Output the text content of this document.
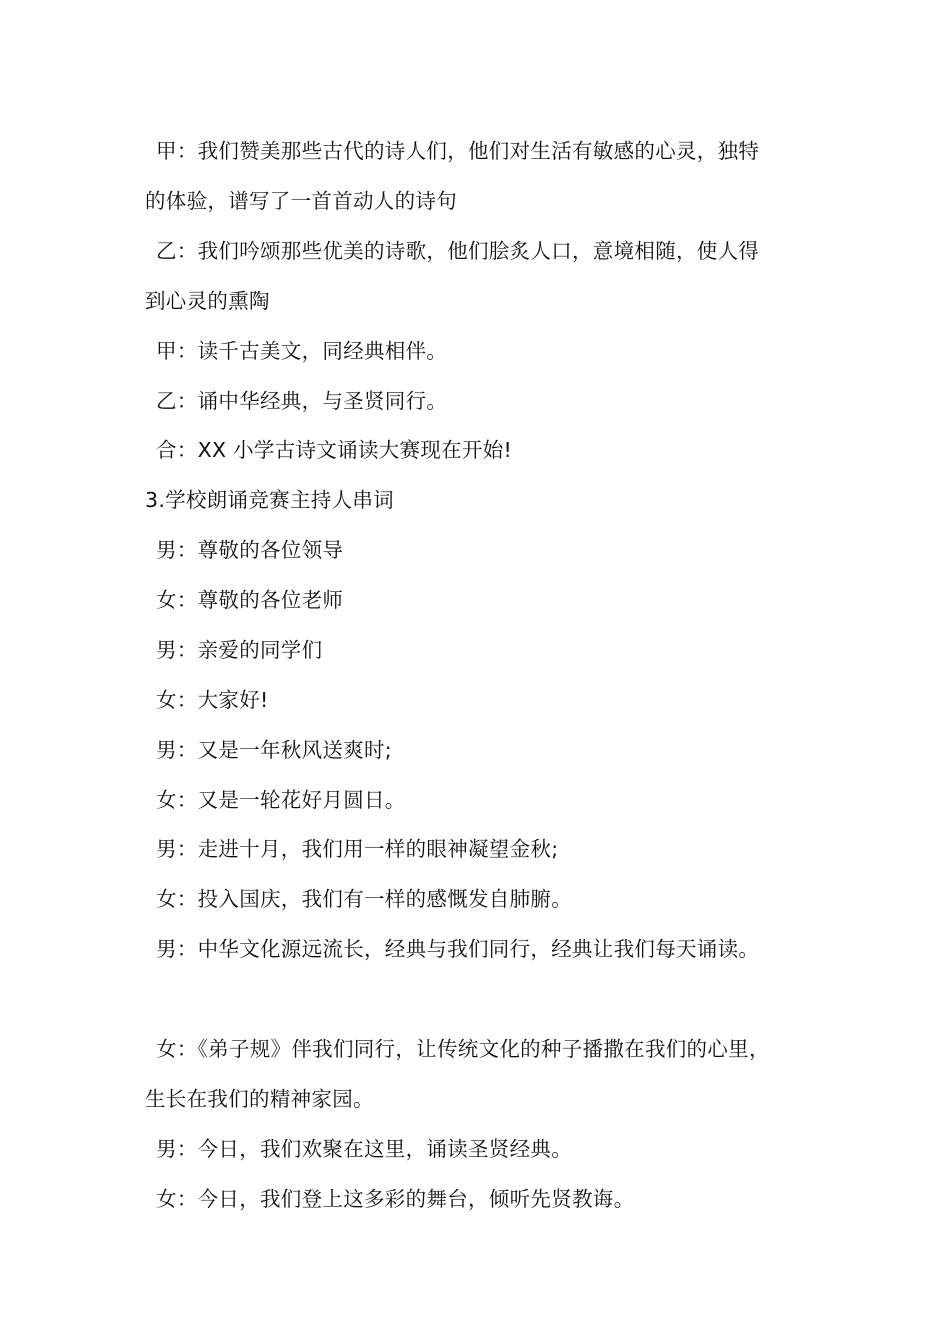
甲：我们赞美那些古代的诗人们，他们对生活有敏感的心灵，独特
的体验，谱写了一首首动人的诗句
乙：我们吟颂那些优美的诗歌，他们脍炙人口，意境相随，使人得
到心灵的熏陶
甲：读千古美文，同经典相伴。
乙：诵中华经典，与圣贤同行。
合：XX 小学古诗文诵读大赛现在开始!
3.学校朗诵竞赛主持人串词
男：尊敬的各位领导
女：尊敬的各位老师
男：亲爱的同学们
女：大家好!
男：又是一年秋风送爽时;
女：又是一轮花好月圆日。
男：走进十月，我们用一样的眼神凝望金秋;
女：投入国庆，我们有一样的感慨发自肺腑。
男：中华文化源远流长，经典与我们同行，经典让我们每天诵读。
女：《弟子规》伴我们同行，让传统文化的种子播撒在我们的心里，
生长在我们的精神家园。
男：今日，我们欢聚在这里，诵读圣贤经典。
女：今日，我们登上这多彩的舞台，倾听先贤教诲。
